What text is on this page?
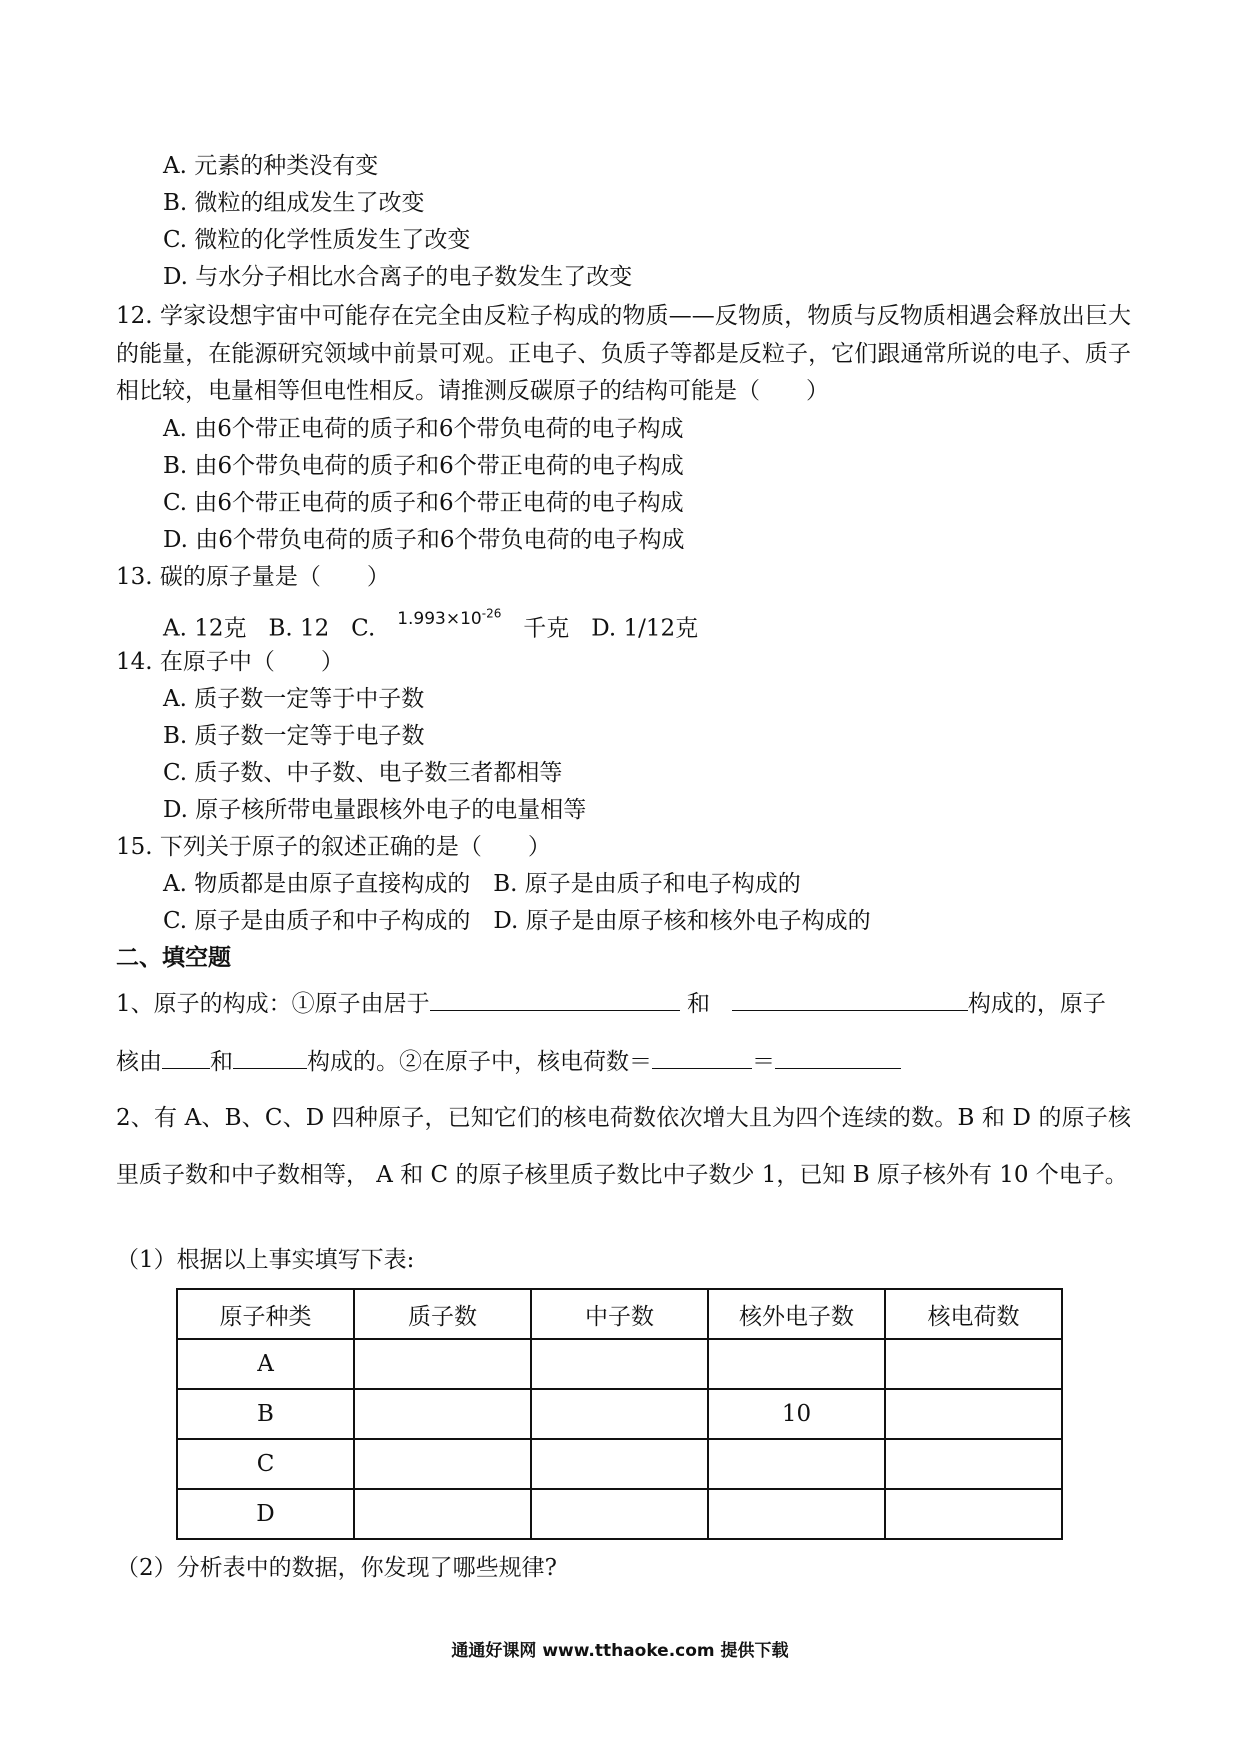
A. 元素的种类没有变
B. 微粒的组成发生了改变
C. 微粒的化学性质发生了改变
D. 与水分子相比水合离子的电子数发生了改变
12. 学家设想宇宙中可能存在完全由反粒子构成的物质——反物质，物质与反物质相遇会释放出巨大的能量，在能源研究领域中前景可观。正电子、负质子等都是反粒子，它们跟通常所说的电子、质子相比较，电量相等但电性相反。请推测反碳原子的结构可能是（　　）
A. 由6个带正电荷的质子和6个带负电荷的电子构成
B. 由6个带负电荷的质子和6个带正电荷的电子构成
C. 由6个带正电荷的质子和6个带正电荷的电子构成
D. 由6个带负电荷的质子和6个带负电荷的电子构成
13. 碳的原子量是（　　）
A. 12克 B. 12 C. $^{1.993\times 10^{-26}}$   千克 D. 1/12克
14. 在原子中（　　）
A. 质子数一定等于中子数
B. 质子数一定等于电子数
C. 质子数、中子数、电子数三者都相等
D. 原子核所带电量跟核外电子的电量相等
15. 下列关于原子的叙述正确的是（　　）
A. 物质都是由原子直接构成的　B. 原子是由质子和电子构成的
C. 原子是由质子和中子构成的　D. 原子是由原子核和核外电子构成的
二、填空题
1、原子的构成：①原子由居于	和	构成的，原子
核由 和	构成的。②在原子中，核电荷数＝	＝
2、有 A、B、C、D 四种原子，已知它们的核电荷数依次增大且为四个连续的数。B 和 D 的原子核里质子数和中子数相等， A 和 C 的原子核里质子数比中子数少 1，已知 B 原子核外有 10 个电子。
（1）根据以上事实填写下表:
原子种类	质子数	中子数	核外电子数	核电荷数
A				
B			10	
C				
D				
（2）分析表中的数据，你发现了哪些规律?
通通好课网 www.tthaoke.com 提供下载
